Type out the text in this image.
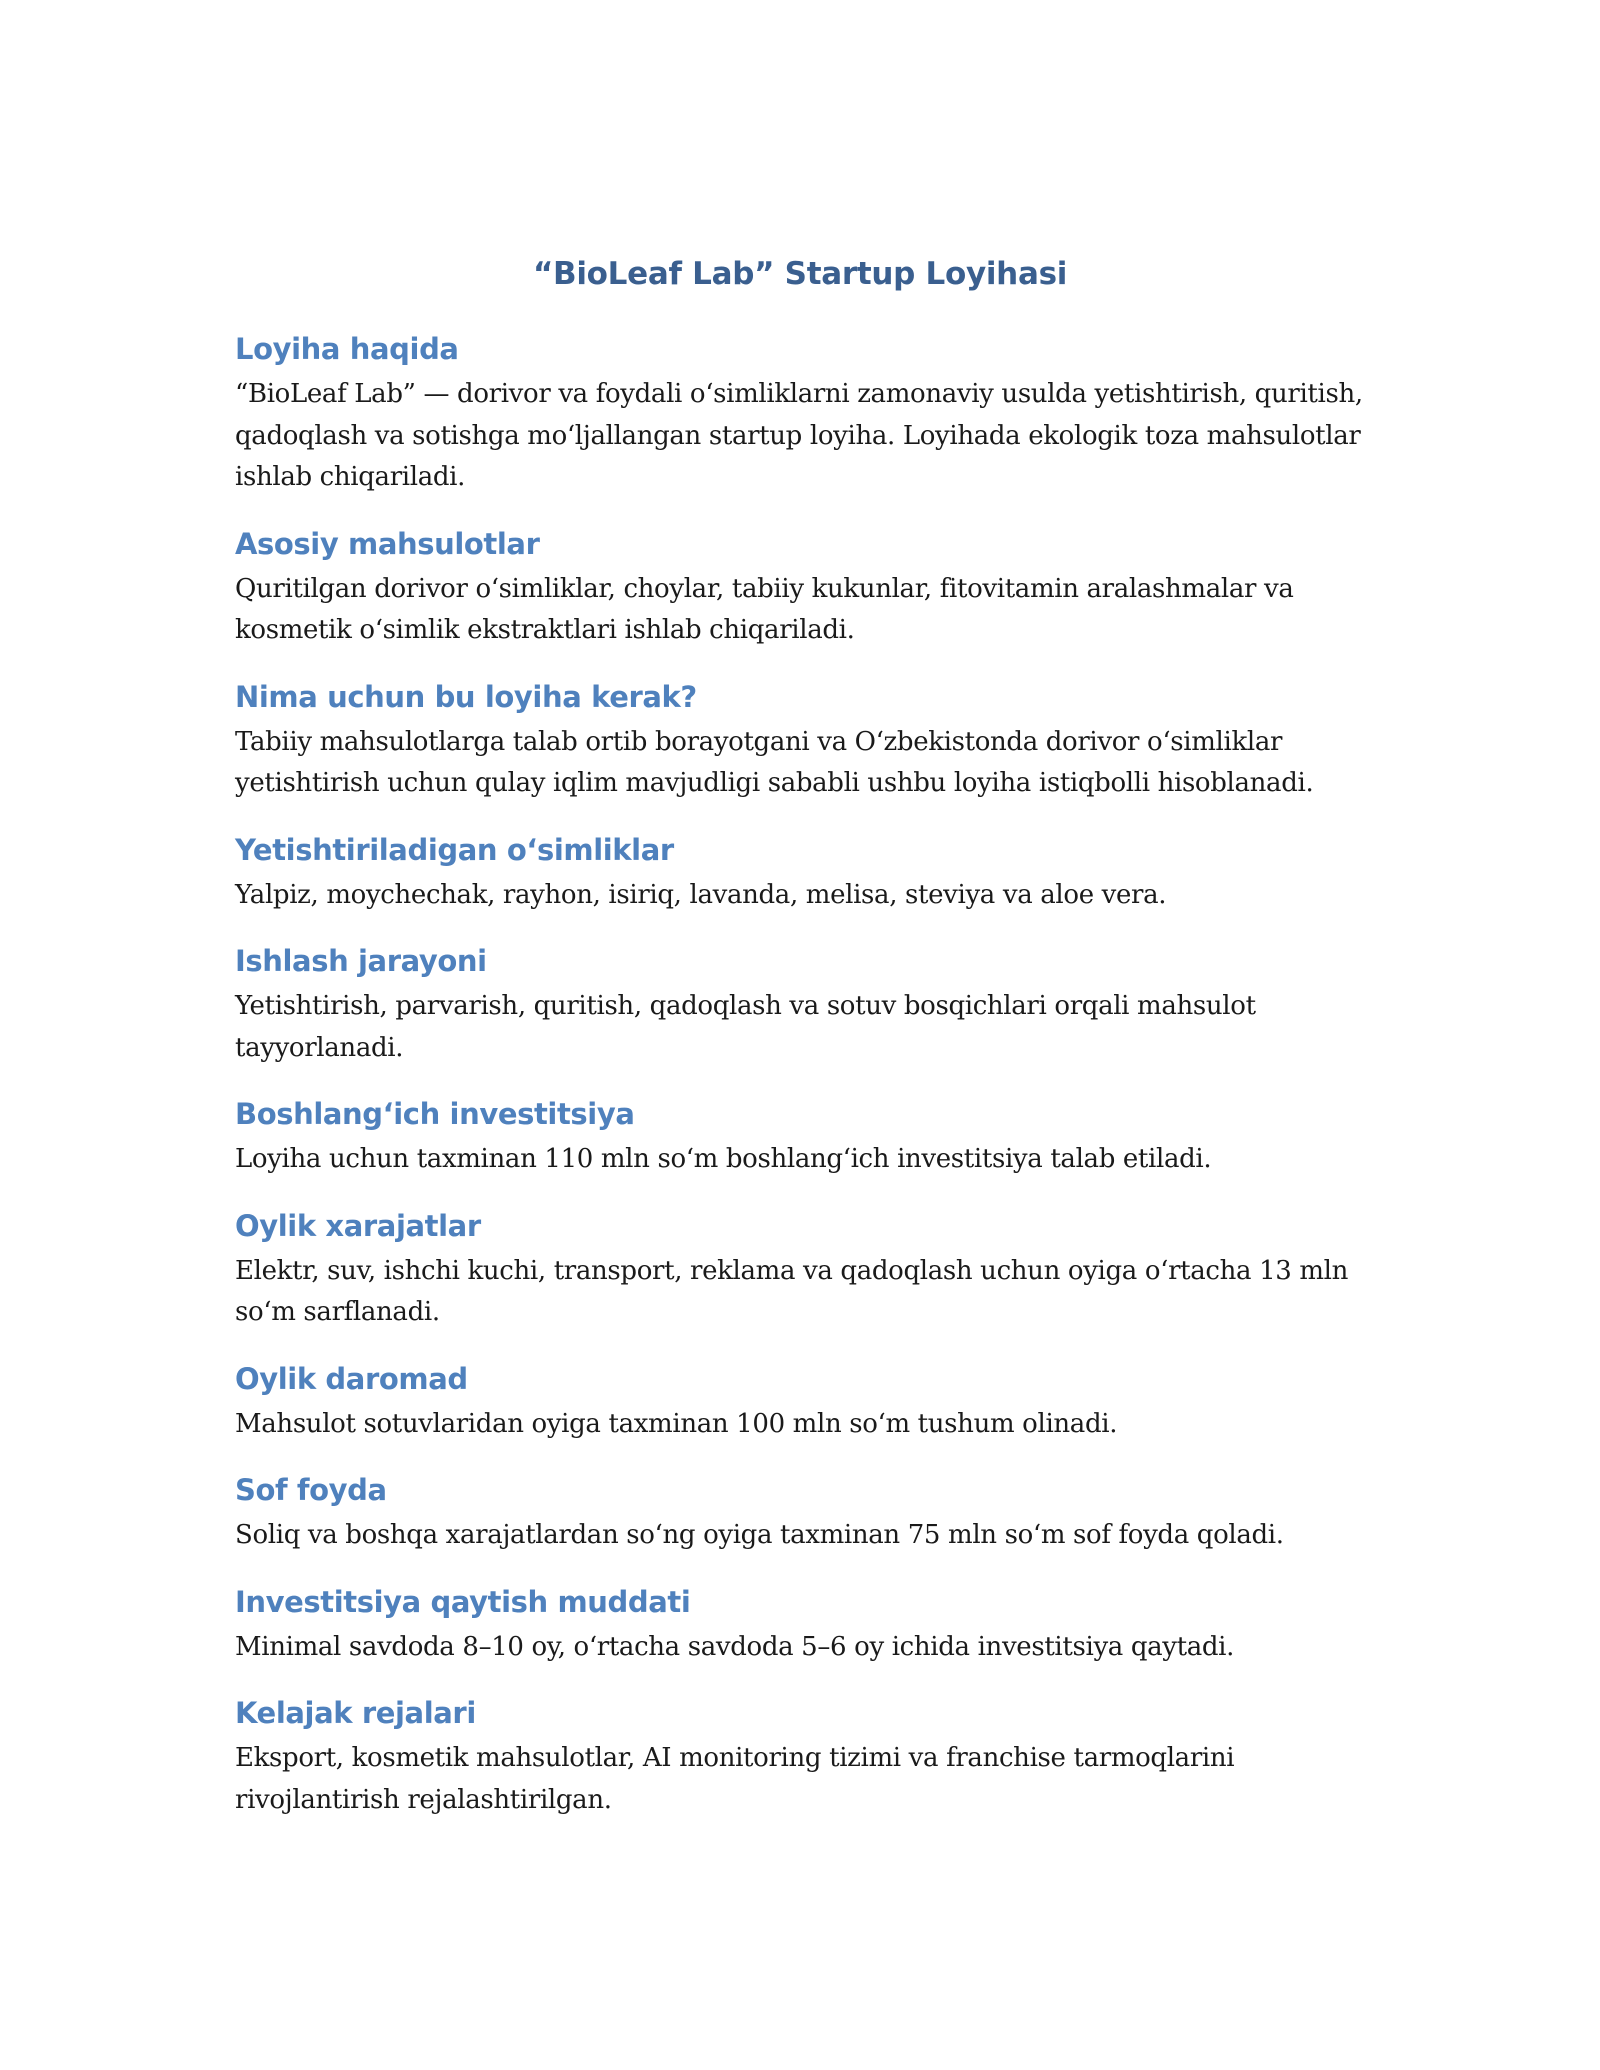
“BioLeaf Lab” Startup Loyihasi
Loyiha haqida

“BioLeaf Lab” — dorivor va foydali oʻsimliklarni zamonaviy usulda yetishtirish, quritish, qadoqlash va sotishga moʻljallangan startup loyiha. Loyihada ekologik toza mahsulotlar ishlab chiqariladi.

Asosiy mahsulotlar

Quritilgan dorivor oʻsimliklar, choylar, tabiiy kukunlar, fitovitamin aralashmalar va kosmetik oʻsimlik ekstraktlari ishlab chiqariladi.

Nima uchun bu loyiha kerak?

Tabiiy mahsulotlarga talab ortib borayotgani va Oʻzbekistonda dorivor oʻsimliklar yetishtirish uchun qulay iqlim mavjudligi sababli ushbu loyiha istiqbolli hisoblanadi.

Yetishtiriladigan oʻsimliklar

Yalpiz, moychechak, rayhon, isiriq, lavanda, melisa, steviya va aloe vera.

Ishlash jarayoni

Yetishtirish, parvarish, quritish, qadoqlash va sotuv bosqichlari orqali mahsulot tayyorlanadi.

Boshlangʻich investitsiya

Loyiha uchun taxminan 110 mln soʻm boshlangʻich investitsiya talab etiladi.

Oylik xarajatlar

Elektr, suv, ishchi kuchi, transport, reklama va qadoqlash uchun oyiga oʻrtacha 13 mln soʻm sarflanadi.

Oylik daromad

Mahsulot sotuvlaridan oyiga taxminan 100 mln soʻm tushum olinadi.

Sof foyda

Soliq va boshqa xarajatlardan soʻng oyiga taxminan 75 mln soʻm sof foyda qoladi.

Investitsiya qaytish muddati

Minimal savdoda 8–10 oy, oʻrtacha savdoda 5–6 oy ichida investitsiya qaytadi.

Kelajak rejalari

Eksport, kosmetik mahsulotlar, AI monitoring tizimi va franchise tarmoqlarini rivojlantirish rejalashtirilgan.
